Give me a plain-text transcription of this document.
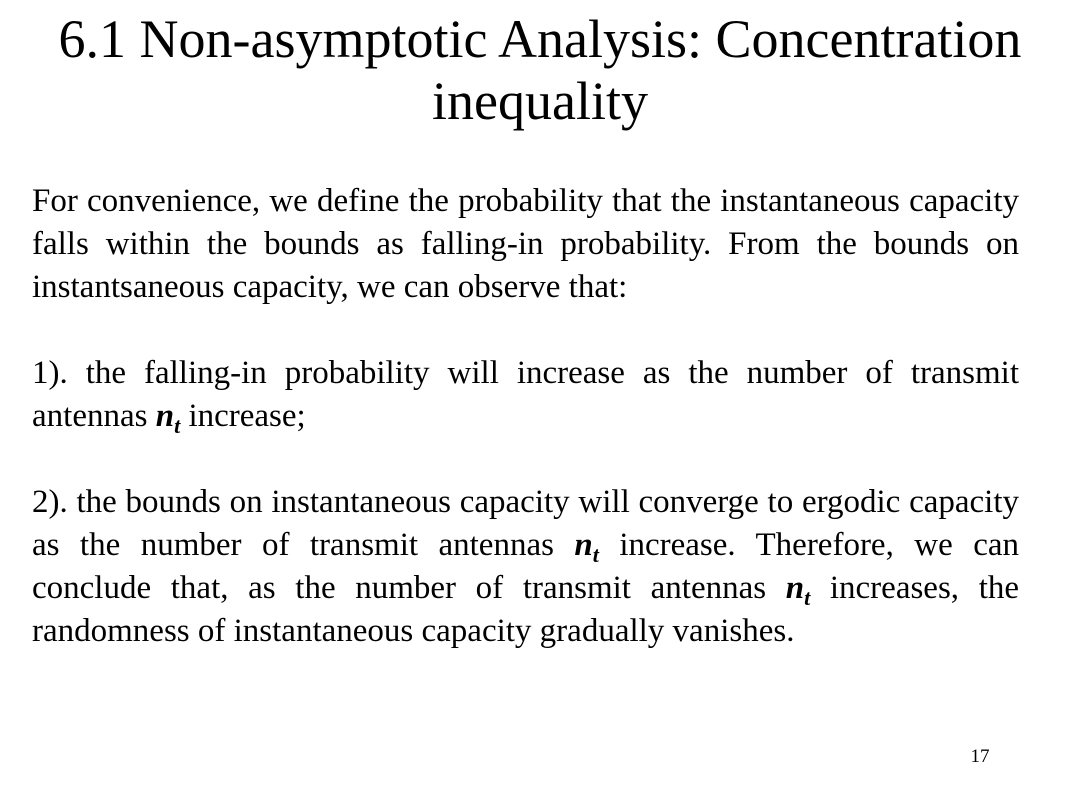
6.1 Non-asymptotic Analysis: Concentration inequality

For convenience, we define the probability that the instantaneous capacity falls within the bounds as falling-in probability. From the bounds on instantsaneous capacity, we can observe that:

1). the falling-in probability will increase as the number of transmit antennas $n_t$ increase;

2). the bounds on instantaneous capacity will converge to ergodic capacity as the number of transmit antennas $n_t$ increase. Therefore, we can conclude that, as the number of transmit antennas $n_t$ increases, the randomness of instantaneous capacity gradually vanishes.

17
